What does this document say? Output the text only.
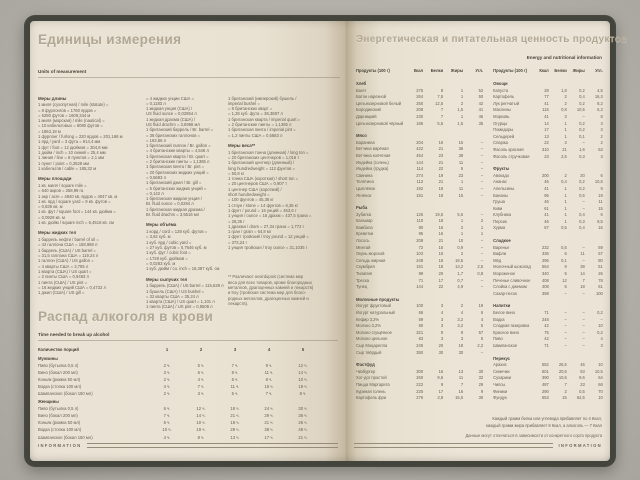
Единицы измерения
Units of measurement
Меры длины
1 миля (сухопутная) / mile (statute) =
= 8 фурлонгов = 1760 ярдов =
= 5280 футов = 1609,344 м
1 миля (морская) / mile (nautical) =
= 10 кабельтовых = 6080 футов =
= 1853,18 м
1 фурлонг / furlong = 220 ярдов = 201,168 м
1 ярд / yard = 3 фута = 914,4 мм
1 фут / foot = 12 дюймов = 304,8 мм
1 дюйм / inch = 10 линий = 25,4 мм
1 линия / line = 6 пунктов = 2,1 мм
1 пункт / point = 0,3528 мм
1 кабельтов / cable = 185,32 м
Меры площади
1 кв. миля / square mile =
= 640 акров = 258,99 га
1 акр / acre = 4840 кв. ярдов = 4047 кв. м
1 кв. ярд / square yard = 9 кв. футов =
= 0,836 кв. м
1 кв. фут / square foot = 144 кв. дюйма =
= 0,0929 кв. м
1 кв. дюйм / square inch = 6,4516 кв. см
Меры жидких тел
1 баррель нефти / barrel of oil =
= 42 галлона США = 158,988 л
1 баррель (США) / US barrel =
= 31,5 галлона США = 119,24 л
1 галлон (США) / US gallon =
= 4 кварты США = 3,785 л
1 кварта (США) / US quart =
= 2 пинты США = 0,9463 л
1 пинта (США) / US pint =
= 16 жидких унций США = 0,4732 л
1 джил (США) / US gill =
= 4 жидких унции США =
= 0,1183 л
1 жидкая унция (США) /
US fluid ounce = 0,02954 л
1 жидкая драхма (США) /
US fluid drachm = 3,6966 мл
1 британский баррель / Br. barrel =
= 36 британских галлонов =
= 163,66 л
1 британский галлон / Br. gallon =
= 4 британские кварты = 4,546 л
1 британская кварта / Br. quart =
= 2 британские пинты = 1,1365 л
1 британская пинта / Br. pint =
= 20 британских жидких унций =
= 0,5683 л
1 британский джил / Br. gill =
= 5 британских жидких унций =
= 0,142 л
1 британская жидкая унция /
Br. fluid ounce = 0,0284 л
1 британская жидкая драхма /
Br. fluid drachm = 3,5516 мл
Меры объёма
1 корд / cord = 128 куб. футов =
= 3,62 куб. м
1 куб. ярд / cubic yard =
= 27 куб. футов = 0,7646 куб. м
1 куб. фут / cubic foot =
= 1728 куб. дюймов =
= 0,0283 куб. м
1 куб. дюйм / cu. inch = 16,387 куб. см
Меры сыпучих тел
1 баррель (США) / US barrel = 115,628 л
1 бушель (США) / US bushel =
= 32 кварты США = 35,24 л
1 кварта (США) / US quart = 1,101 л
1 пинта (США) / US pint = 0,5506 л
1 британский (имперский) бушель /
imperial bushel =
= 8 британских кварт =
= 1,28 куб. фута = 36,3687 л
1 британская кварта / imperial quart =
= 2 британские пинты = 1,1365 л
1 британская пинта / imperial pint =
= 1,2 пинты США = 0,5683 л
Меры веса**
1 британская тонна (длинная) / long ton =
= 20 британских центнеров = 1,016 т
1 британский центнер (длинный) /
long hundredweight = 112 фунтов =
= 50,8 кг
1 тонна США (короткая) / short ton =
= 20 центнеров США = 0,907 т
1 центнер США (короткий) /
short hundredweight =
= 100 фунтов = 45,36 кг
1 стоун / stone = 14 фунтов = 6,35 кг
1 фунт / pound = 16 унций = 453,6 г
1 унция / ounce = 16 драхм = 437,5 грана =
= 28,35 г
1 драхма / dram = 27,34 грана = 1,772 г
1 гран / grain = 64,8 мг
1 фунт тройский / troy pound = 12 унций =
= 373,24 г
1 унция тройская / troy ounce = 31,1035 г
** Различают avoirdupois (система мер
веса для всех товаров, кроме благородных
металлов, драгоценных камней и лекарств)
и troy (тройская система мер для благо-
родных металлов, драгоценных камней и
лекарств).
Распад алкоголя в крови
Time needed to break up alcohol
Количество порций	1	2	3	4	5
Мужчины
Пиво (бутылка 0,5 л)	2 ч.	5 ч.	7 ч.	9 ч.	12 ч.
Вино (бокал 200 мл)	3 ч.	6 ч.	8 ч.	11 ч.	14 ч.
Коньяк (рюмка 50 мл)	2 ч.	4 ч.	6 ч.	8 ч.	10 ч.
Водка (стопка 100 мл)	4 ч.	7 ч.	11 ч.	15 ч.	19 ч.
Шампанское (бокал 150 мл)	2 ч.	3 ч.	5 ч.	7 ч.	8 ч.
Женщины
Пиво (бутылка 0,5 л)	6 ч.	12 ч.	18 ч.	24 ч.	30 ч.
Вино (бокал 200 мл)	7 ч.	14 ч.	21 ч.	29 ч.	36 ч.
Коньяк (рюмка 50 мл)	5 ч.	10 ч.	16 ч.	21 ч.	26 ч.
Водка (стопка 100 мл)	10 ч.	19 ч.	29 ч.	38 ч.	48 ч.
Шампанское (бокал 150 мл)	4 ч.	8 ч.	13 ч.	17 ч.	21 ч.
INFORMATION
Энергетическая и питательная ценность продуктов
Energy and nutritional information
Продукты (100 г)	Ккал	Белки	Жиры	Угл.
Хлеб
Багет	275	8	1	52
Батон нарезной	264	7,5	1	50
Цельнозерновой белый	250	12,5	2	42
Бородинский	208	7	1,5	41
Дарницкий	230	7	1	46
Цельнозерновой чёрный	185	5,5	1,5	35
Мясо
Баранина	204	16	15	–
Ветчина варёная	422	21	36	–
Ветчина копчёная	454	23	38	–
Индейка (голень)	144	21	11	–
Индейка (грудка)	114	22	5	–
Свинина	274	19	23	–
Телятина	112	21	1	–
Цыплёнок	192	19	11	–
Ягнёнок	181	18	15	–
Рыба
Зубатка	126	19,5	5,5	–
Кальмар	110	18	1	2
Камбала	90	16	2	1
Креветки	95	16	1	1
Лосось	208	21	10	–
Минтай	72	16	0,9	–
Окунь морской	103	16	2	–
Сельдь жирная	248	18	18,5	–
Скумбрия	191	18	13,2	2,5
Тилапия	99	20	1,7	0,8
Треска	71	17	0,7	–
Тунец	144	22	4,9	–
Молочные продукты
Йогурт фруктовый	100	3	2	19
Йогурт натуральный	66	4	4	6
Кефир 3,2%	59	3	3,2	4
Молоко 3,2%	60	3	3,2	5
Молоко сгущённое	321	8	9	57
Молоко цельное	63	3	3	5
Сыр Моцарелла	245	20	18	2,2
Сыр твёрдый	350	30	30	–
Фастфуд
Чизбургер	300	16	13	30
Хот-дог простой	260	9,6	11	32
Пицца Маргарита	222	9	7	29
Куриная голень	230	17	16	9
Картофель фри	276	3,8	15,5	30
Продукты (100 г)	Ккал	Белки	Жиры	Угл.
Овощи
Капуста	28	1,8	0,2	4,5
Картофель	77	2	0,4	16,3
Лук репчатый	41	2	0,2	8,2
Маслины	115	0,8	10,5	6,3
Морковь	41	3	–	8
Огурцы	14	1	0,2	3
Помидоры	17	1	0,2	3
Сельдерей	13	1	0,1	2
Спаржа	22	3	–	2
Фасоль красная	310	21	1,6	53
Фасоль стручковая	23	2,5	0,3	3
Фрукты
Авокадо	200	2	20	6
Ананас	46	0,4	0,2	10,6
Апельсины	41	1	0,2	9
Бананы	96	1	0,5	19
Груша	46	1	–	11
Киви	61	1	–	15
Клубника	41	1	0,4	6
Персик	46	1	0,3	9,5
Хурма	67	0,5	0,4	16
Сладкое
Варенье	232	0,5	–	59
Вафли	336	6	11	57
Мёд	296	0,1	–	80
Молочный шоколад	564	9	38	51
Мороженое	340	5	14	26
Печенье сливочное	408	12	7	78
Слойка с джемом	408	5	18	61
Сахар-песок	398	–	–	100
Напитки
Белое вино	71	–	–	0,2
Водка	248	–	–	–
Сладкая газировка	42	–	–	10
Красное вино	75	–	–	0,2
Пиво	42	–	–	4
Шампанское	71	–	–	3
Перекус
Арахис	552	26,5	45	10
Семечки	601	20,5	53	10,5
Сухарики	390	10,6	9,6	64
Чипсы	487	7	23	68
Финики	290	2	0,5	70
Фундук	653	15	62,5	10
Каждый грамм белка или углевода прибавляет по 4 Ккал,
каждый грамм жира прибавляет 9 Ккал, а алкоголь — 7 Ккал
Данные могут отличаться в зависимости от конкретного сорта продукта
INFORMATION
